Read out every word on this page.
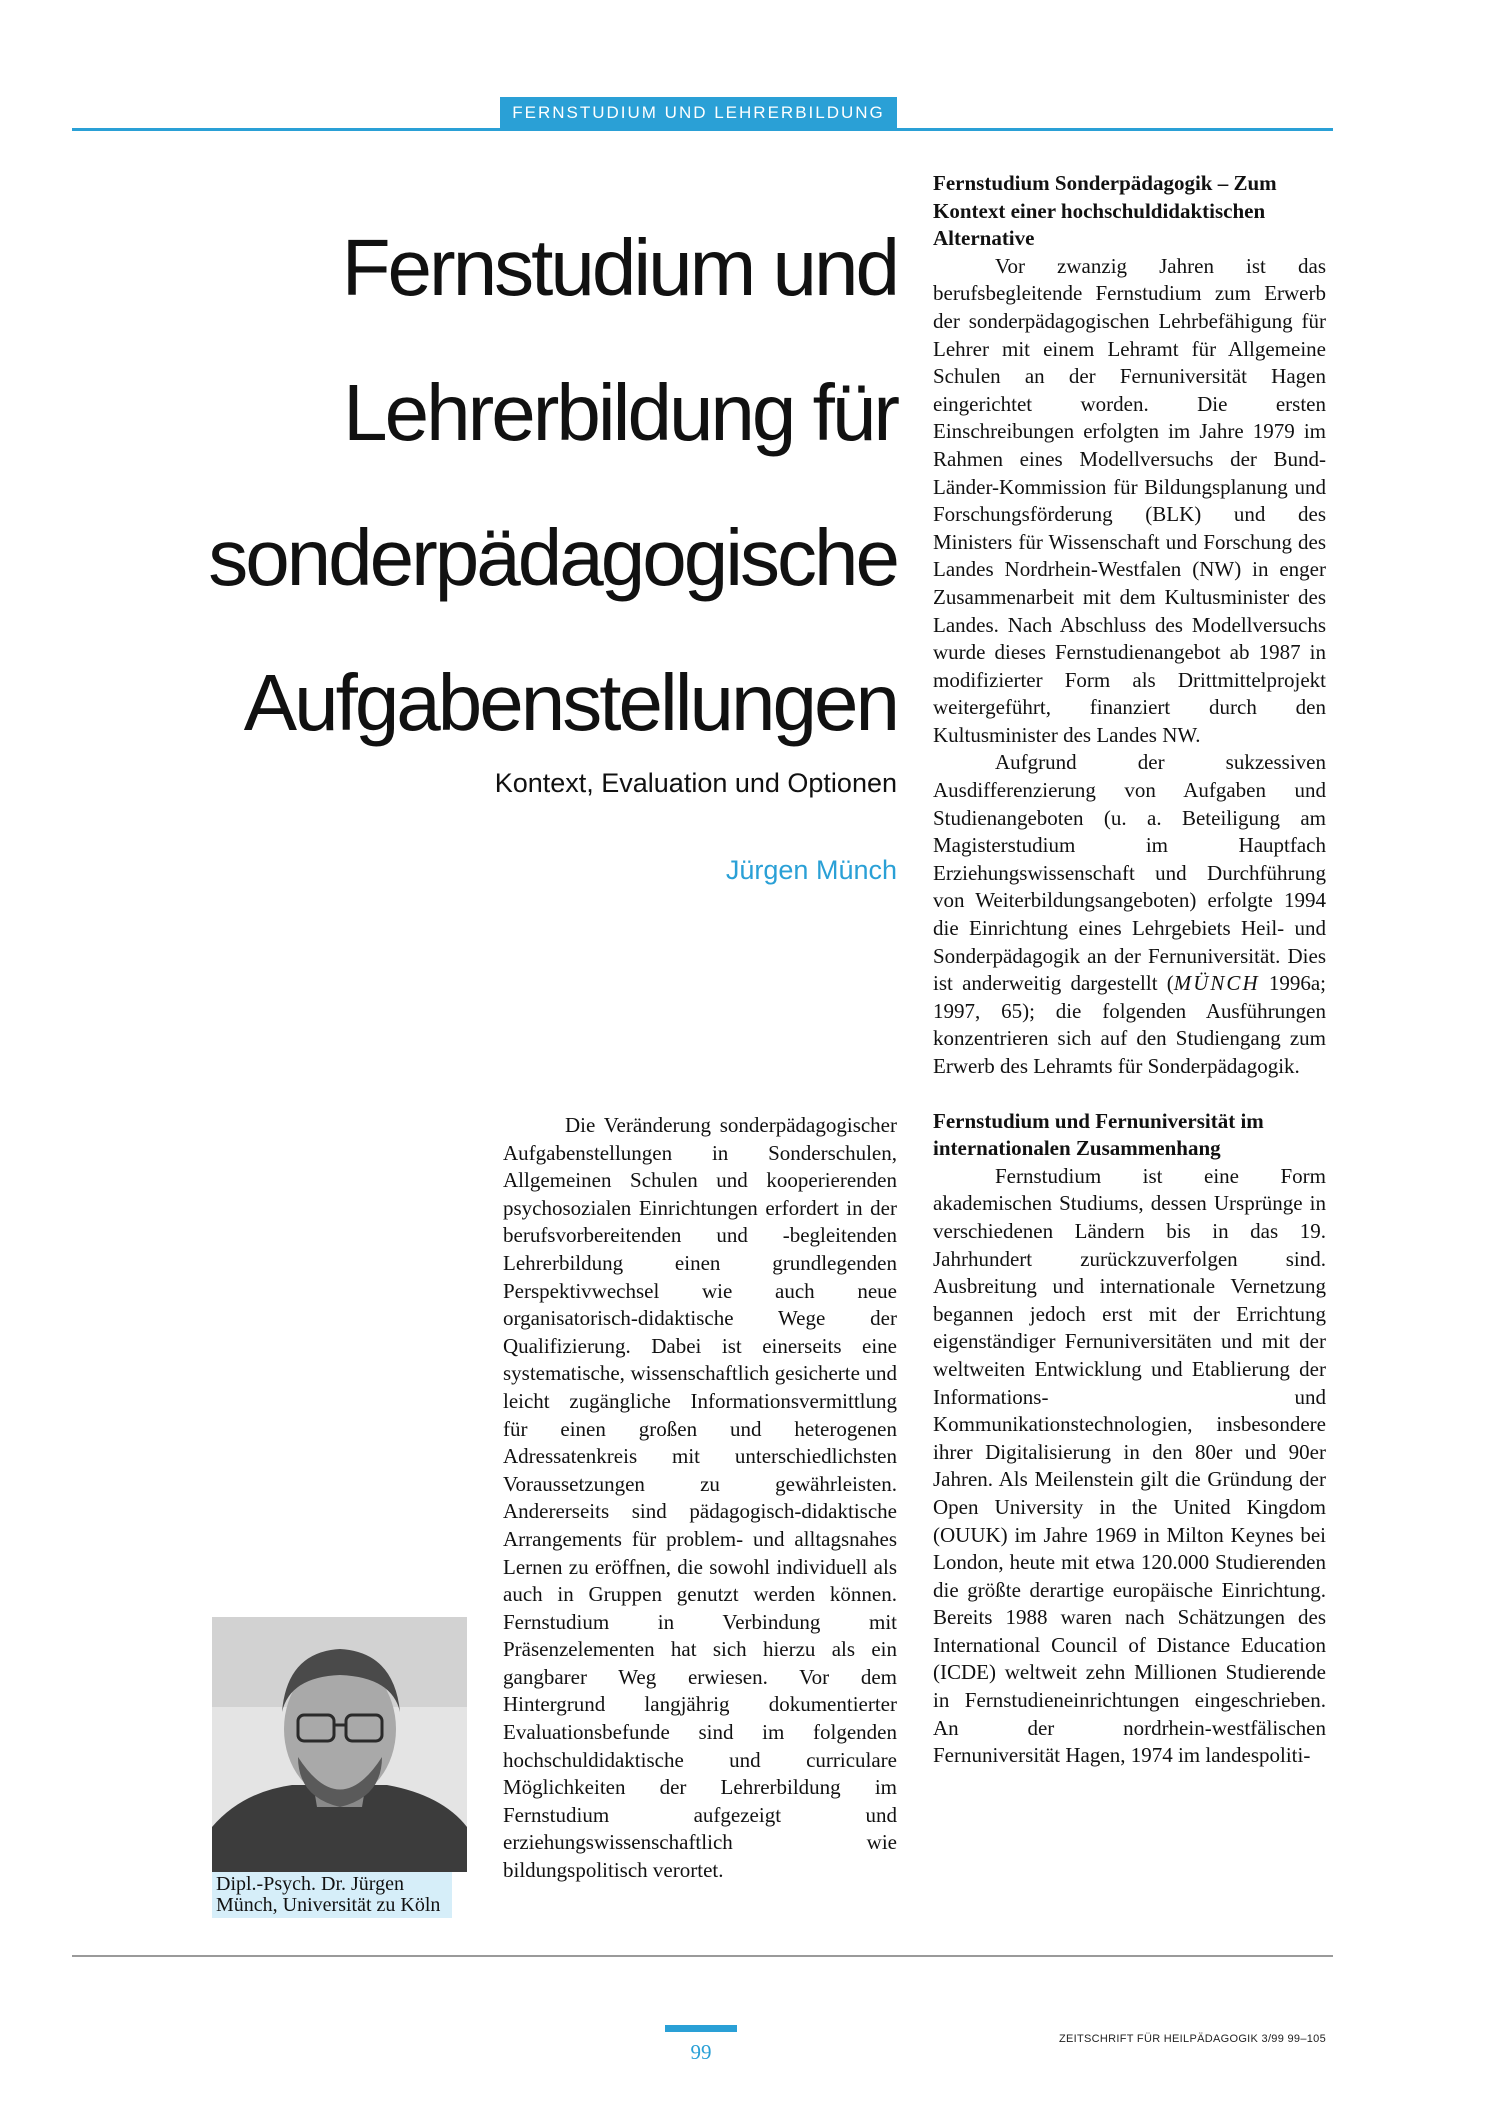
FERNSTUDIUM UND LEHRERBILDUNG
Fernstudium und
Lehrerbildung für
sonderpädagogische
Aufgabenstellungen
Kontext, Evaluation und Optionen
Jürgen Münch
Dipl.-Psych. Dr. Jürgen Münch, Universität zu Köln

Die Veränderung sonderpädagogischer Aufgabenstellungen in Sonderschulen, Allgemeinen Schulen und kooperierenden psychosozialen Einrichtungen erfordert in der berufsvorbereitenden und -begleitenden Lehrerbildung einen grundlegenden Perspektivwechsel wie auch neue organisatorisch-didaktische Wege der Qualifizierung. Dabei ist einerseits eine systematische, wissenschaftlich gesicherte und leicht zugängliche Informationsvermittlung für einen großen und heterogenen Adressatenkreis mit unterschiedlichsten Voraussetzungen zu gewährleisten. Andererseits sind pädagogisch-didaktische Arrangements für problem- und alltagsnahes Lernen zu eröffnen, die sowohl individuell als auch in Gruppen genutzt werden können. Fernstudium in Verbindung mit Präsenzelementen hat sich hierzu als ein gangbarer Weg erwiesen. Vor dem Hintergrund langjährig dokumentierter Evaluationsbefunde sind im folgenden hochschuldidaktische und curriculare Möglichkeiten der Lehrerbildung im Fernstudium aufgezeigt und erziehungswissenschaftlich wie bildungspolitisch verortet.

Fernstudium Sonderpädagogik – Zum Kontext einer hochschuldidaktischen Alternative

Vor zwanzig Jahren ist das berufsbegleitende Fernstudium zum Erwerb der sonderpädagogischen Lehrbefähigung für Lehrer mit einem Lehramt für Allgemeine Schulen an der Fernuniversität Hagen eingerichtet worden. Die ersten Einschreibungen erfolgten im Jahre 1979 im Rahmen eines Modellversuchs der Bund-Länder-Kommission für Bildungsplanung und Forschungsförderung (BLK) und des Ministers für Wissenschaft und Forschung des Landes Nordrhein-Westfalen (NW) in enger Zusammenarbeit mit dem Kultusminister des Landes. Nach Abschluss des Modellversuchs wurde dieses Fernstudienangebot ab 1987 in modifizierter Form als Drittmittelprojekt weitergeführt, finanziert durch den Kultusminister des Landes NW.

Aufgrund der sukzessiven Ausdifferenzierung von Aufgaben und Studienangeboten (u. a. Beteiligung am Magisterstudium im Hauptfach Erziehungswissenschaft und Durchführung von Weiterbildungsangeboten) erfolgte 1994 die Einrichtung eines Lehrgebiets Heil- und Sonderpädagogik an der Fernuniversität. Dies ist anderweitig dargestellt (MÜNCH 1996a; 1997, 65); die folgenden Ausführungen konzentrieren sich auf den Studiengang zum Erwerb des Lehramts für Sonderpädagogik.

Fernstudium und Fernuniversität im internationalen Zusammenhang

Fernstudium ist eine Form akademischen Studiums, dessen Ursprünge in verschiedenen Ländern bis in das 19. Jahrhundert zurückzuverfolgen sind. Ausbreitung und internationale Vernetzung begannen jedoch erst mit der Errichtung eigenständiger Fernuniversitäten und mit der weltweiten Entwicklung und Etablierung der Informations- und Kommunikationstechnologien, insbesondere ihrer Digitalisierung in den 80er und 90er Jahren. Als Meilenstein gilt die Gründung der Open University in the United Kingdom (OUUK) im Jahre 1969 in Milton Keynes bei London, heute mit etwa 120.000 Studierenden die größte derartige europäische Einrichtung. Bereits 1988 waren nach Schätzungen des International Council of Distance Education (ICDE) weltweit zehn Millionen Studierende in Fernstudieneinrichtungen eingeschrieben. An der nordrhein-westfälischen Fernuniversität Hagen, 1974 im landespoliti-

99
ZEITSCHRIFT FÜR HEILPÄDAGOGIK 3/99 99–105
